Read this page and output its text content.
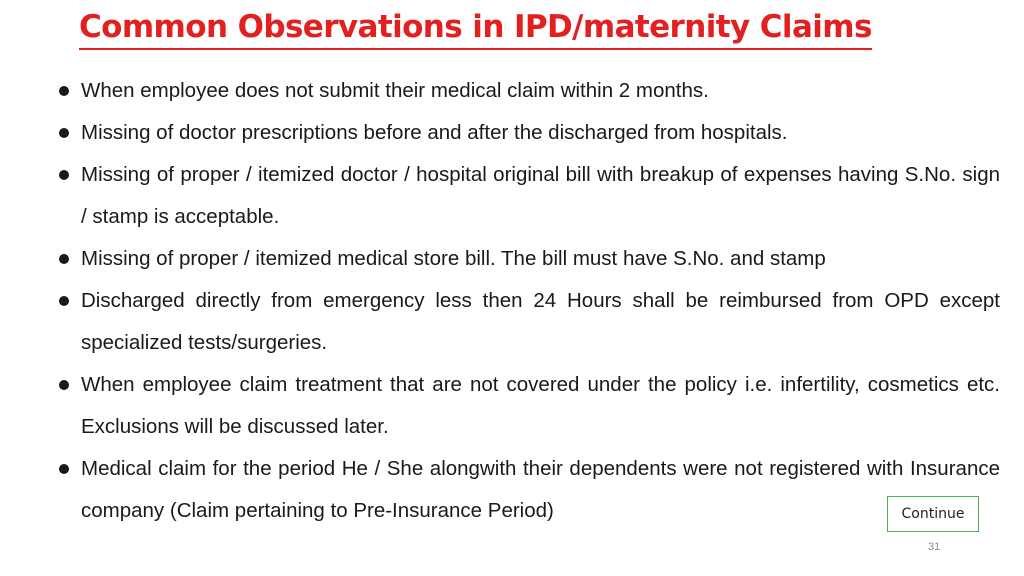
Common Observations in IPD/maternity Claims
When employee does not submit their medical claim within 2 months.
Missing of doctor prescriptions before and after the discharged from hospitals.
Missing of proper / itemized doctor / hospital original bill with breakup of expenses having S.No. sign / stamp is acceptable.
Missing of proper / itemized medical store bill. The bill must have S.No. and stamp
Discharged directly from emergency less then 24 Hours shall be reimbursed from OPD except specialized tests/surgeries.
When employee claim treatment that are not covered under the policy i.e. infertility, cosmetics etc. Exclusions will be discussed later.
Medical claim for the period He / She alongwith their dependents were not registered with Insurance company (Claim pertaining to Pre-Insurance Period)	Continue
31
